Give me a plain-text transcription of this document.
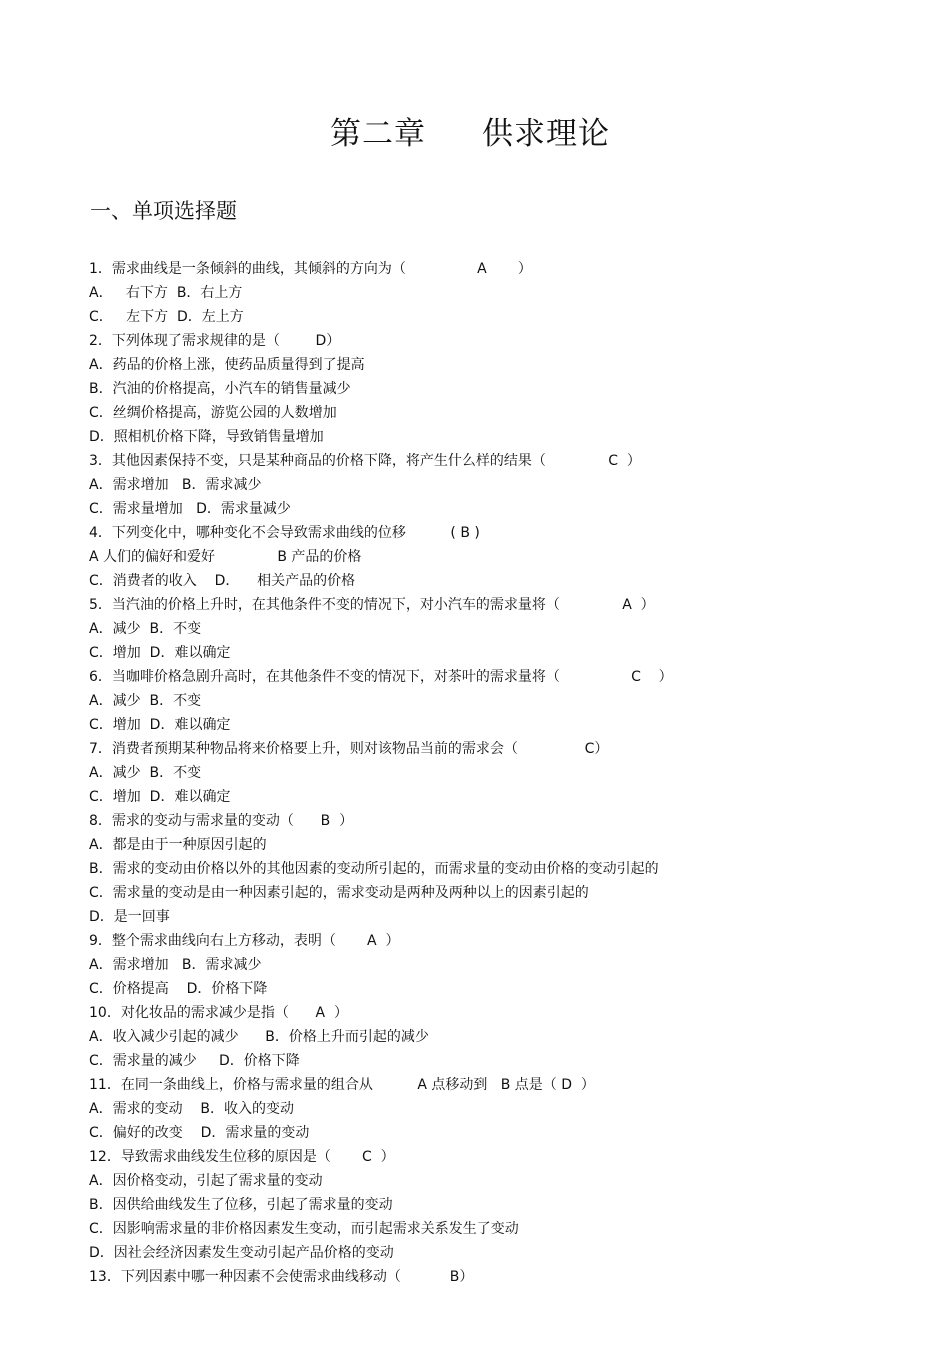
第二章 供求理论
一、单项选择题
1．需求曲线是一条倾斜的曲线，其倾斜的方向为（                A       ）
A．   右下方  B．右上方
C．   左下方  D．左上方
2．下列体现了需求规律的是（        D）
A．药品的价格上涨，使药品质量得到了提高
B．汽油的价格提高，小汽车的销售量减少
C．丝绸价格提高，游览公园的人数增加
D．照相机价格下降，导致销售量增加
3．其他因素保持不变，只是某种商品的价格下降，将产生什么样的结果（              C  ）
A．需求增加   B．需求减少
C．需求量增加   D．需求量减少
4．下列变化中，哪种变化不会导致需求曲线的位移          ( B )
A 人们的偏好和爱好              B 产品的价格
C．消费者的收入    D．    相关产品的价格
5．当汽油的价格上升时，在其他条件不变的情况下，对小汽车的需求量将（              A  ）
A．减少  B．不变
C．增加  D．难以确定
6．当咖啡价格急剧升高时，在其他条件不变的情况下，对茶叶的需求量将（                C    ）
A．减少  B．不变
C．增加  D．难以确定
7．消费者预期某种物品将来价格要上升，则对该物品当前的需求会（               C）
A．减少  B．不变
C．增加  D．难以确定
8．需求的变动与需求量的变动（      B  ）
A．都是由于一种原因引起的
B．需求的变动由价格以外的其他因素的变动所引起的，而需求量的变动由价格的变动引起的
C．需求量的变动是由一种因素引起的，需求变动是两种及两种以上的因素引起的
D．是一回事
9．整个需求曲线向右上方移动，表明（       A  ）
A．需求增加   B．需求减少
C．价格提高    D．价格下降
10．对化妆品的需求减少是指（      A  ）
A．收入减少引起的减少      B．价格上升而引起的减少
C．需求量的减少     D．价格下降
11．在同一条曲线上，价格与需求量的组合从          A 点移动到   B 点是（ D  ）
A．需求的变动    B．收入的变动
C．偏好的改变    D．需求量的变动
12．导致需求曲线发生位移的原因是（       C  ）
A．因价格变动，引起了需求量的变动
B．因供给曲线发生了位移，引起了需求量的变动
C．因影响需求量的非价格因素发生变动，而引起需求关系发生了变动
D．因社会经济因素发生变动引起产品价格的变动
13．下列因素中哪一种因素不会使需求曲线移动（           B）
